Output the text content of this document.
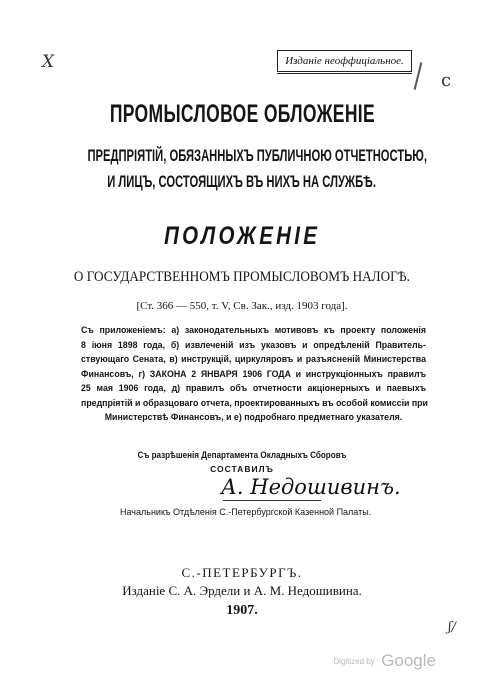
X
c
ʃ/
Изданіе неоффиціальное.
ПРОМЫСЛОВОЕ ОБЛОЖЕНІЕ
ПРЕДПРІЯТІЙ, ОБЯЗАННЫХЪ ПУБЛИЧНОЮ ОТЧЕТНОСТЬЮ,
И ЛИЦЪ, СОСТОЯЩИХЪ ВЪ НИХЪ НА СЛУЖБѢ.
ПОЛОЖЕНІЕ
О ГОСУДАРСТВЕННОМЪ ПРОМЫСЛОВОМЪ НАЛОГѢ.
[Ст. 366 — 550, т. V, Св. Зак., изд. 1903 года].
Съ приложеніемъ: а) законодательныхъ мотивовъ къ проекту положенія
8 іюня 1898 года, б) извлеченій изъ указовъ и опредѣленій Правитель-
ствующаго Сената, в) инструкцій, циркуляровъ и разъясненій Министерства
Финансовъ, г) ЗАКОНА 2 ЯНВАРЯ 1906 ГОДА и инструкціонныхъ правилъ
25 мая 1906 года, д) правилъ объ отчетности акціонерныхъ и паевыхъ
предпріятій и образцоваго отчета, проектированныхъ въ особой комиссіи при
Министерствѣ Финансовъ, и е) подробнаго предметнаго указателя.
Съ разрѣшенія Департамента Окладныхъ Сборовъ
СОСТАВИЛЪ
А. Недошивинъ.
Начальникъ Отдѣленія С.-Петербургской Казенной Палаты.
С.-ПЕТЕРБУРГЪ.
Изданіе С. А. Эрдели и А. М. Недошивина.
1907.
Digitized by Google
